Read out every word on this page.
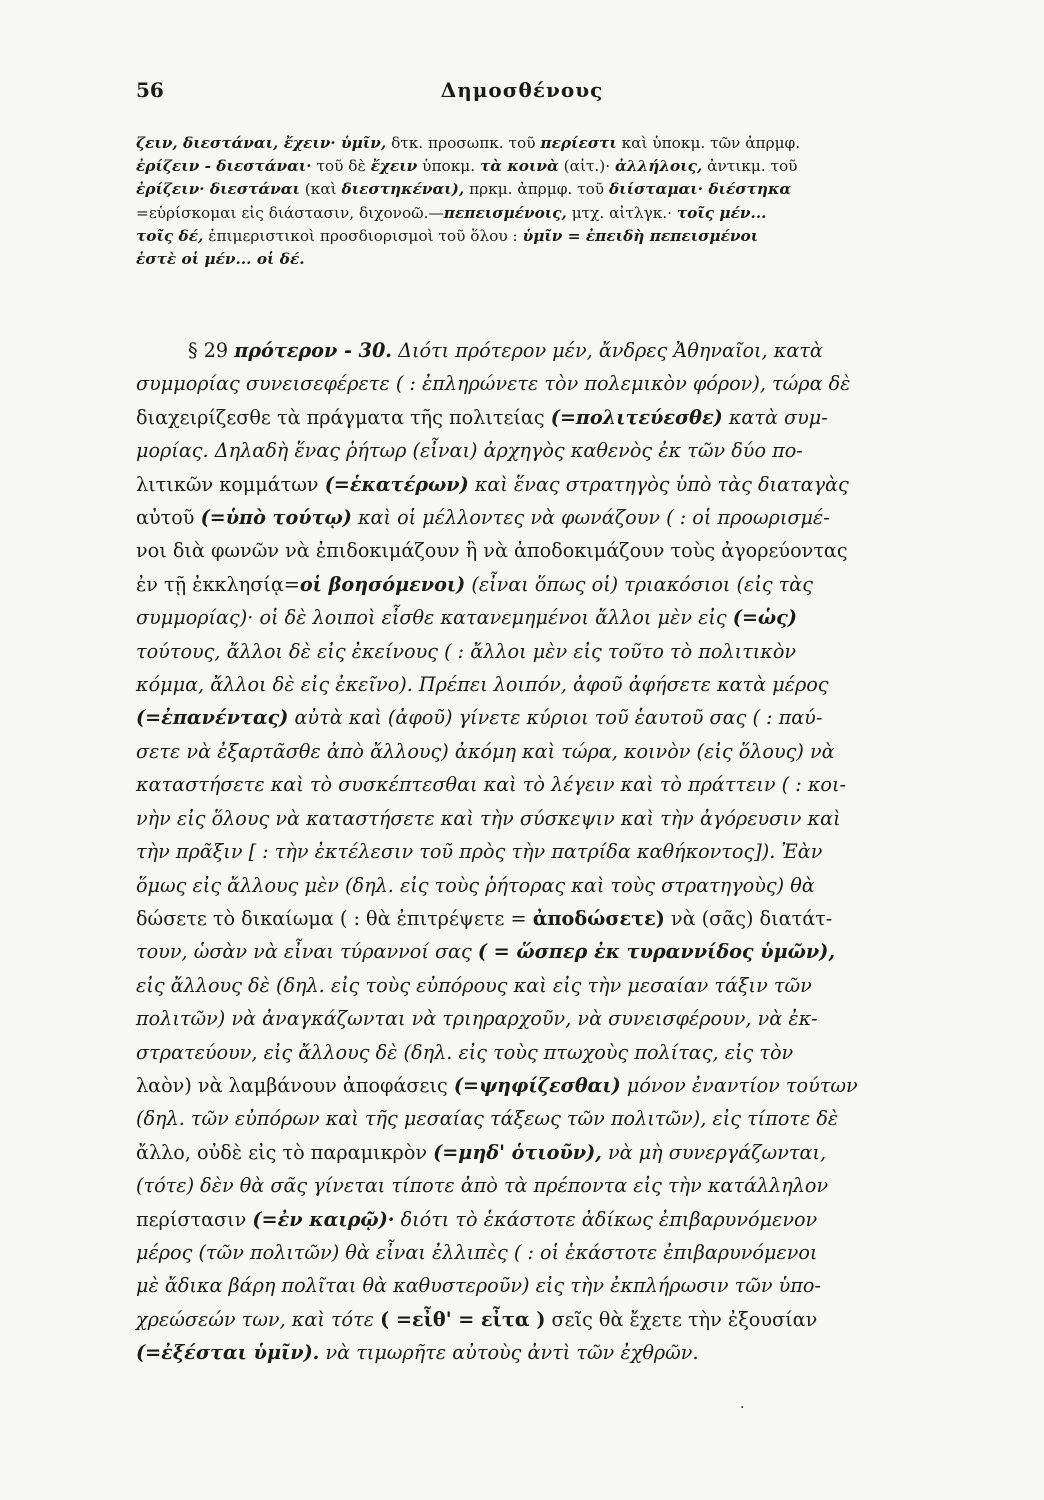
56	Δημοσθένους
ζειν, διεστάναι, ἔχειν· ὑμῖν, δτκ. προσωπκ. τοῦ περίεστι καὶ ὑποκμ. τῶν ἀπρμφ.
ἐρίζειν - διεστάναι· τοῦ δὲ ἔχειν ὑποκμ. τὰ κοινὰ (αἰτ.)· ἀλλήλοις, ἀντικμ. τοῦ
ἐρίζειν· διεστάναι (καὶ διεστηκέναι), πρκμ. ἀπρμφ. τοῦ διίσταμαι· διέστηκα
=εὑρίσκομαι εἰς διάστασιν, διχονοῶ.—πεπεισμένοις, μτχ. αἰτλγκ.· τοῖς μέν...
τοῖς δέ, ἐπιμεριστικοὶ προσδιορισμοὶ τοῦ ὅλου : ὑμῖν = ἐπειδὴ πεπεισμένοι
ἐστὲ οἱ μέν... οἱ δέ.
§ 29 πρότερον - 30. Διότι πρότερον μέν, ἄνδρες Ἀθηναῖοι, κατὰ
συμμορίας συνεισεφέρετε ( : ἐπληρώνετε τὸν πολεμικὸν φόρον), τώρα δὲ
διαχειρίζεσθε τὰ πράγματα τῆς πολιτείας (=πολιτεύεσθε) κατὰ συμ-
μορίας. Δηλαδὴ ἕνας ῥήτωρ (εἶναι) ἀρχηγὸς καθενὸς ἐκ τῶν δύο πο-
λιτικῶν κομμάτων (=ἑκατέρων) καὶ ἕνας στρατηγὸς ὑπὸ τὰς διαταγὰς
αὐτοῦ (=ὑπὸ τούτῳ) καὶ οἱ μέλλοντες νὰ φωνάζουν ( : οἱ προωρισμέ-
νοι διὰ φωνῶν νὰ ἐπιδοκιμάζουν ἢ νὰ ἀποδοκιμάζουν τοὺς ἀγορεύοντας
ἐν τῇ ἐκκλησίᾳ=οἱ βοησόμενοι) (εἶναι ὅπως οἱ) τριακόσιοι (εἰς τὰς
συμμορίας)· οἱ δὲ λοιποὶ εἶσθε κατανεμημένοι ἄλλοι μὲν εἰς (=ὡς)
τούτους, ἄλλοι δὲ εἰς ἐκείνους ( : ἄλλοι μὲν εἰς τοῦτο τὸ πολιτικὸν
κόμμα, ἄλλοι δὲ εἰς ἐκεῖνο). Πρέπει λοιπόν, ἀφοῦ ἀφήσετε κατὰ μέρος
(=ἐπανέντας) αὐτὰ καὶ (ἀφοῦ) γίνετε κύριοι τοῦ ἑαυτοῦ σας ( : παύ-
σετε νὰ ἐξαρτᾶσθε ἀπὸ ἄλλους) ἀκόμη καὶ τώρα, κοινὸν (εἰς ὅλους) νὰ
καταστήσετε καὶ τὸ συσκέπτεσθαι καὶ τὸ λέγειν καὶ τὸ πράττειν ( : κοι-
νὴν εἰς ὅλους νὰ καταστήσετε καὶ τὴν σύσκεψιν καὶ τὴν ἀγόρευσιν καὶ
τὴν πρᾶξιν [ : τὴν ἐκτέλεσιν τοῦ πρὸς τὴν πατρίδα καθήκοντος]). Ἐὰν
ὅμως εἰς ἄλλους μὲν (δηλ. εἰς τοὺς ῥήτορας καὶ τοὺς στρατηγοὺς) θὰ
δώσετε τὸ δικαίωμα ( : θὰ ἐπιτρέψετε = ἀποδώσετε) νὰ (σᾶς) διατάτ-
τουν, ὡσὰν νὰ εἶναι τύραννοί σας ( = ὥσπερ ἐκ τυραννίδος ὑμῶν),
εἰς ἄλλους δὲ (δηλ. εἰς τοὺς εὐπόρους καὶ εἰς τὴν μεσαίαν τάξιν τῶν
πολιτῶν) νὰ ἀναγκάζωνται νὰ τριηραρχοῦν, νὰ συνεισφέρουν, νὰ ἐκ-
στρατεύουν, εἰς ἄλλους δὲ (δηλ. εἰς τοὺς πτωχοὺς πολίτας, εἰς τὸν
λαὸν) νὰ λαμβάνουν ἀποφάσεις (=ψηφίζεσθαι) μόνον ἐναντίον τούτων
(δηλ. τῶν εὐπόρων καὶ τῆς μεσαίας τάξεως τῶν πολιτῶν), εἰς τίποτε δὲ
ἄλλο, οὐδὲ εἰς τὸ παραμικρὸν (=μηδ' ὁτιοῦν), νὰ μὴ συνεργάζωνται,
(τότε) δὲν θὰ σᾶς γίνεται τίποτε ἀπὸ τὰ πρέποντα εἰς τὴν κατάλληλον
περίστασιν (=ἐν καιρῷ)· διότι τὸ ἑκάστοτε ἀδίκως ἐπιβαρυνόμενον
μέρος (τῶν πολιτῶν) θὰ εἶναι ἐλλιπὲς ( : οἱ ἑκάστοτε ἐπιβαρυνόμενοι
μὲ ἄδικα βάρη πολῖται θὰ καθυστεροῦν) εἰς τὴν ἐκπλήρωσιν τῶν ὑπο-
χρεώσεών των, καὶ τότε ( =εἶθ' = εἶτα ) σεῖς θὰ ἔχετε τὴν ἐξουσίαν
(=ἐξέσται ὑμῖν). νὰ τιμωρῆτε αὐτοὺς ἀντὶ τῶν ἐχθρῶν.
.
